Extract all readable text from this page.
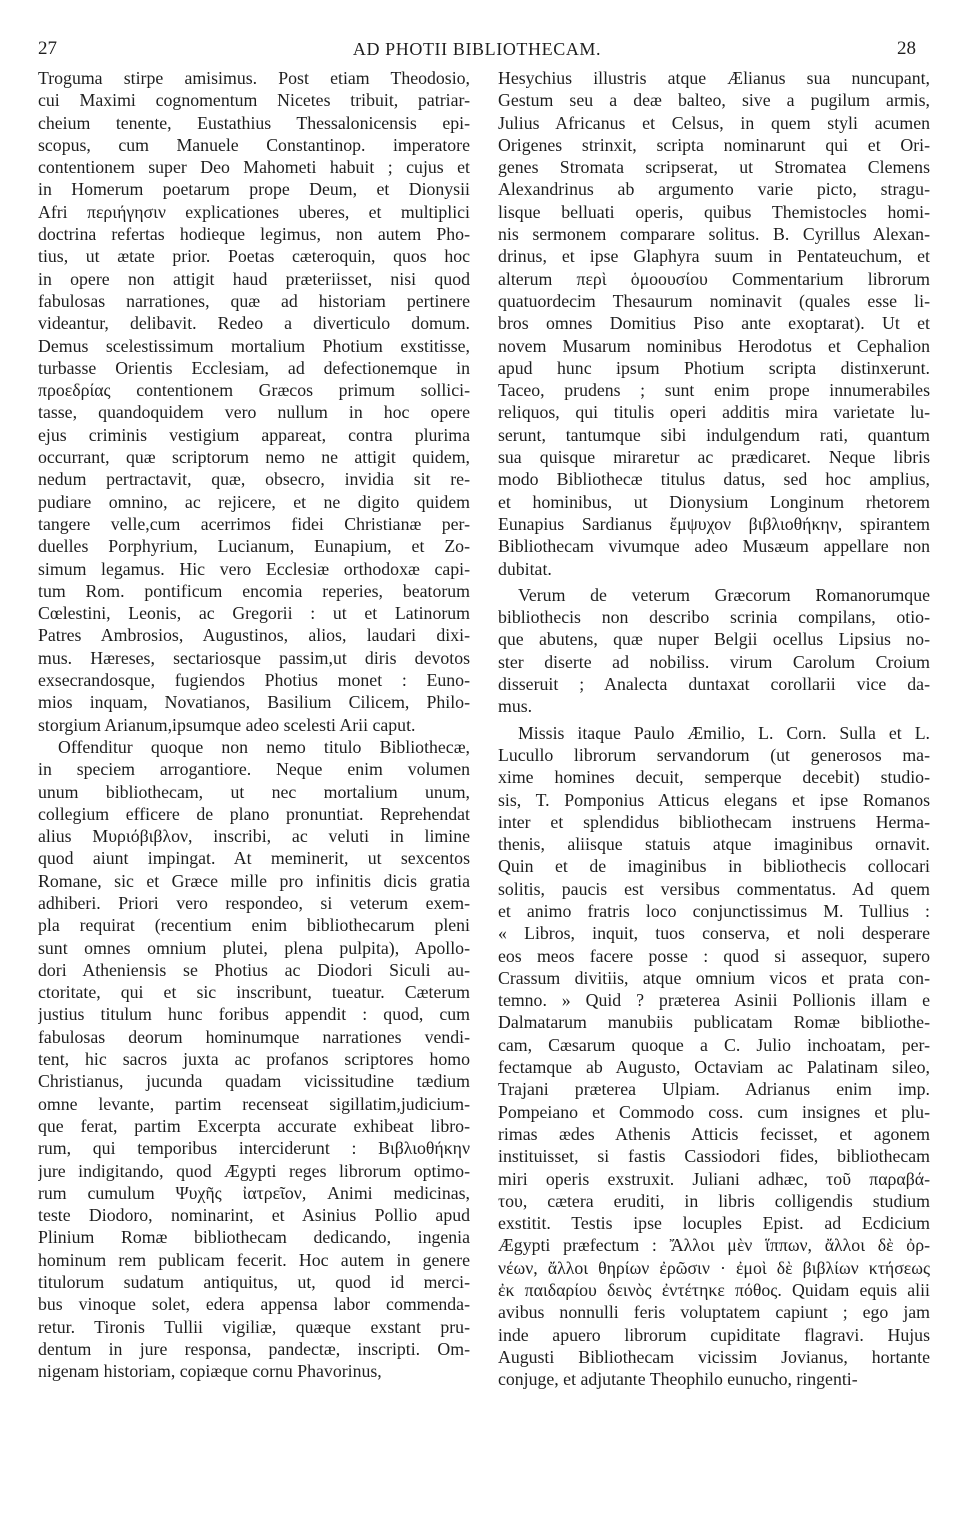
27	AD PHOTII BIBLIOTHECAM.	28
Troguma stirpe amisimus. Post etiam Theodosio,
cui Maximi cognomentum Nicetes tribuit, patriar-
cheium tenente, Eustathius Thessalonicensis epi-
scopus, cum Manuele Constantinop. imperatore
contentionem super Deo Mahometi habuit ; cujus et
in Homerum poetarum prope Deum, et Dionysii
Afri περιήγησιν explicationes uberes, et multiplici
doctrina refertas hodieque legimus, non autem Pho-
tius, ut ætate prior. Poetas cæteroquin, quos hoc
in opere non attigit haud præteriisset, nisi quod
fabulosas narrationes, quæ ad historiam pertinere
videantur, delibavit. Redeo a diverticulo domum.
Demus scelestissimum mortalium Photium exstitisse,
turbasse Orientis Ecclesiam, ad defectionemque in
προεδρίας contentionem Græcos primum sollici-
tasse, quandoquidem vero nullum in hoc opere
ejus criminis vestigium appareat, contra plurima
occurrant, quæ scriptorum nemo ne attigit quidem,
nedum pertractavit, quæ, obsecro, invidia sit re-
pudiare omnino, ac rejicere, et ne digito quidem
tangere velle,cum acerrimos fidei Christianæ per-
duelles Porphyrium, Lucianum, Eunapium, et Zo-
simum legamus. Hic vero Ecclesiæ orthodoxæ capi-
tum Rom. pontificum encomia reperies, beatorum
Cœlestini, Leonis, ac Gregorii : ut et Latinorum
Patres Ambrosios, Augustinos, alios, laudari dixi-
mus. Hæreses, sectariosque passim,ut diris devotos
exsecrandosque, fugiendos Photius monet : Euno-
mios inquam, Novatianos, Basilium Cilicem, Philo-
storgium Arianum,ipsumque adeo scelesti Arii caput.
Offenditur quoque non nemo titulo Bibliothecæ,
in speciem arrogantiore. Neque enim volumen
unum bibliothecam, ut nec mortalium unum,
collegium efficere de plano pronuntiat. Reprehendat
alius Μυριόβιβλον, inscribi, ac veluti in limine
quod aiunt impingat. At meminerit, ut sexcentos
Romane, sic et Græce mille pro infinitis dicis gratia
adhiberi. Priori vero respondeo, si veterum exem-
pla requirat (recentium enim bibliothecarum pleni
sunt omnes omnium plutei, plena pulpita), Apollo-
dori Atheniensis se Photius ac Diodori Siculi au-
ctoritate, qui et sic inscribunt, tueatur. Cæterum
justius titulum hunc foribus appendit : quod, cum
fabulosas deorum hominumque narrationes vendi-
tent, hic sacros juxta ac profanos scriptores homo
Christianus, jucunda quadam vicissitudine tædium
omne levante, partim recenseat sigillatim,judicium-
que ferat, partim Excerpta accurate exhibeat libro-
rum, qui temporibus interciderunt : Βιβλιοθήκην
jure indigitando, quod Ægypti reges librorum optimo-
rum cumulum Ψυχῆς ἰατρεῖον, Animi medicinas,
teste Diodoro, nominarint, et Asinius Pollio apud
Plinium Romæ bibliothecam dedicando, ingenia
hominum rem publicam fecerit. Hoc autem in genere
titulorum sudatum antiquitus, ut, quod id merci-
bus vinoque solet, edera appensa labor commenda-
retur. Tironis Tullii vigiliæ, quæque exstant pru-
dentum in jure responsa, pandectæ, inscripti. Om-
nigenam historiam, copiæque cornu Phavorinus,
Hesychius illustris atque Ælianus sua nuncupant,
Gestum seu a deæ balteo, sive a pugilum armis,
Julius Africanus et Celsus, in quem styli acumen
Origenes strinxit, scripta nominarunt qui et Ori-
genes Stromata scripserat, ut Stromatea Clemens
Alexandrinus ab argumento varie picto, stragu-
lisque belluati operis, quibus Themistocles homi-
nis sermonem comparare solitus. B. Cyrillus Alexan-
drinus, et ipse Glaphyra suum in Pentateuchum, et
alterum περὶ ὁμοουσίου Commentarium librorum
quatuordecim Thesaurum nominavit (quales esse li-
bros omnes Domitius Piso ante exoptarat). Ut et
novem Musarum nominibus Herodotus et Cephalion
apud hunc ipsum Photium scripta distinxerunt.
Taceo, prudens ; sunt enim prope innumerabiles
reliquos, qui titulis operi additis mira varietate lu-
serunt, tantumque sibi indulgendum rati, quantum
sua quisque miraretur ac prædicaret. Neque libris
modo Bibliothecæ titulus datus, sed hoc amplius,
et hominibus, ut Dionysium Longinum rhetorem
Eunapius Sardianus ἔμψυχον βιβλιοθήκην, spirantem
Bibliothecam vivumque adeo Musæum appellare non
dubitat.
Verum de veterum Græcorum Romanorumque
bibliothecis non describo scrinia compilans, otio-
que abutens, quæ nuper Belgii ocellus Lipsius no-
ster diserte ad nobiliss. virum Carolum Croium
disseruit ; Analecta duntaxat corollarii vice da-
mus.
Missis itaque Paulo Æmilio, L. Corn. Sulla et L.
Lucullo librorum servandorum (ut generosos ma-
xime homines decuit, semperque decebit) studio-
sis, T. Pomponius Atticus elegans et ipse Romanos
inter et splendidus bibliothecam instruens Herma-
thenis, aliisque statuis atque imaginibus ornavit.
Quin et de imaginibus in bibliothecis collocari
solitis, paucis est versibus commentatus. Ad quem
et animo fratris loco conjunctissimus M. Tullius :
« Libros, inquit, tuos conserva, et noli desperare
eos meos facere posse : quod si assequor, supero
Crassum divitiis, atque omnium vicos et prata con-
temno. » Quid ? præterea Asinii Pollionis illam e
Dalmatarum manubiis publicatam Romæ bibliothe-
cam, Cæsarum quoque a C. Julio inchoatam, per-
fectamque ab Augusto, Octaviam ac Palatinam sileo,
Trajani præterea Ulpiam. Adrianus enim imp.
Pompeiano et Commodo coss. cum insignes et plu-
rimas ædes Athenis Atticis fecisset, et agonem
instituisset, si fastis Cassiodori fides, bibliothecam
miri operis exstruxit. Juliani adhæc, τοῦ παραβά-
του, cætera eruditi, in libris colligendis studium
exstitit. Testis ipse locuples Epist. ad Ecdicium
Ægypti præfectum : Ἄλλοι μὲν ἵππων, ἄλλοι δὲ ὀρ-
νέων, ἄλλοι θηρίων ἐρῶσιν · ἐμοὶ δὲ βιβλίων κτήσεως
ἐκ παιδαρίου δεινὸς ἐντέτηκε πόθος. Quidam equis alii
avibus nonnulli feris voluptatem capiunt ; ego jam
inde apuero librorum cupiditate flagravi. Hujus
Augusti Bibliothecam vicissim Jovianus, hortante
conjuge, et adjutante Theophilo eunucho, ringenti-
